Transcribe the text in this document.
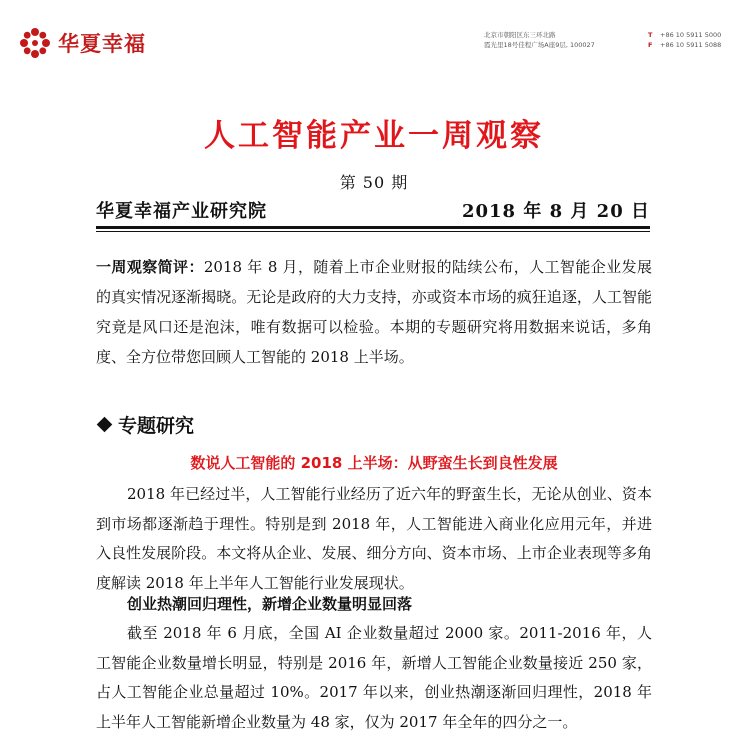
华夏幸福	北京市朝阳区东三环北路
霞光里18号佳程广场A座9层, 100027
T +86 10 5911 5000
F +86 10 5911 5088
人工智能产业一周观察
第 50 期
华夏幸福产业研究院	2018 年 8 月 20 日
一周观察简评：2018 年 8 月，随着上市企业财报的陆续公布，人工智能企业发展的真实情况逐渐揭晓。无论是政府的大力支持，亦或资本市场的疯狂追逐，人工智能究竟是风口还是泡沫，唯有数据可以检验。本期的专题研究将用数据来说话，多角度、全方位带您回顾人工智能的 2018 上半场。
专题研究
数说人工智能的 2018 上半场：从野蛮生长到良性发展
2018 年已经过半，人工智能行业经历了近六年的野蛮生长，无论从创业、资本到市场都逐渐趋于理性。特别是到 2018 年，人工智能进入商业化应用元年，并进入良性发展阶段。本文将从企业、发展、细分方向、资本市场、上市企业表现等多角度解读 2018 年上半年人工智能行业发展现状。
创业热潮回归理性，新增企业数量明显回落
截至 2018 年 6 月底，全国 AI 企业数量超过 2000 家。2011-2016 年，人工智能企业数量增长明显，特别是 2016 年，新增人工智能企业数量接近 250 家，占人工智能企业总量超过 10%。2017 年以来，创业热潮逐渐回归理性，2018 年上半年人工智能新增企业数量为 48 家，仅为 2017 年全年的四分之一。
